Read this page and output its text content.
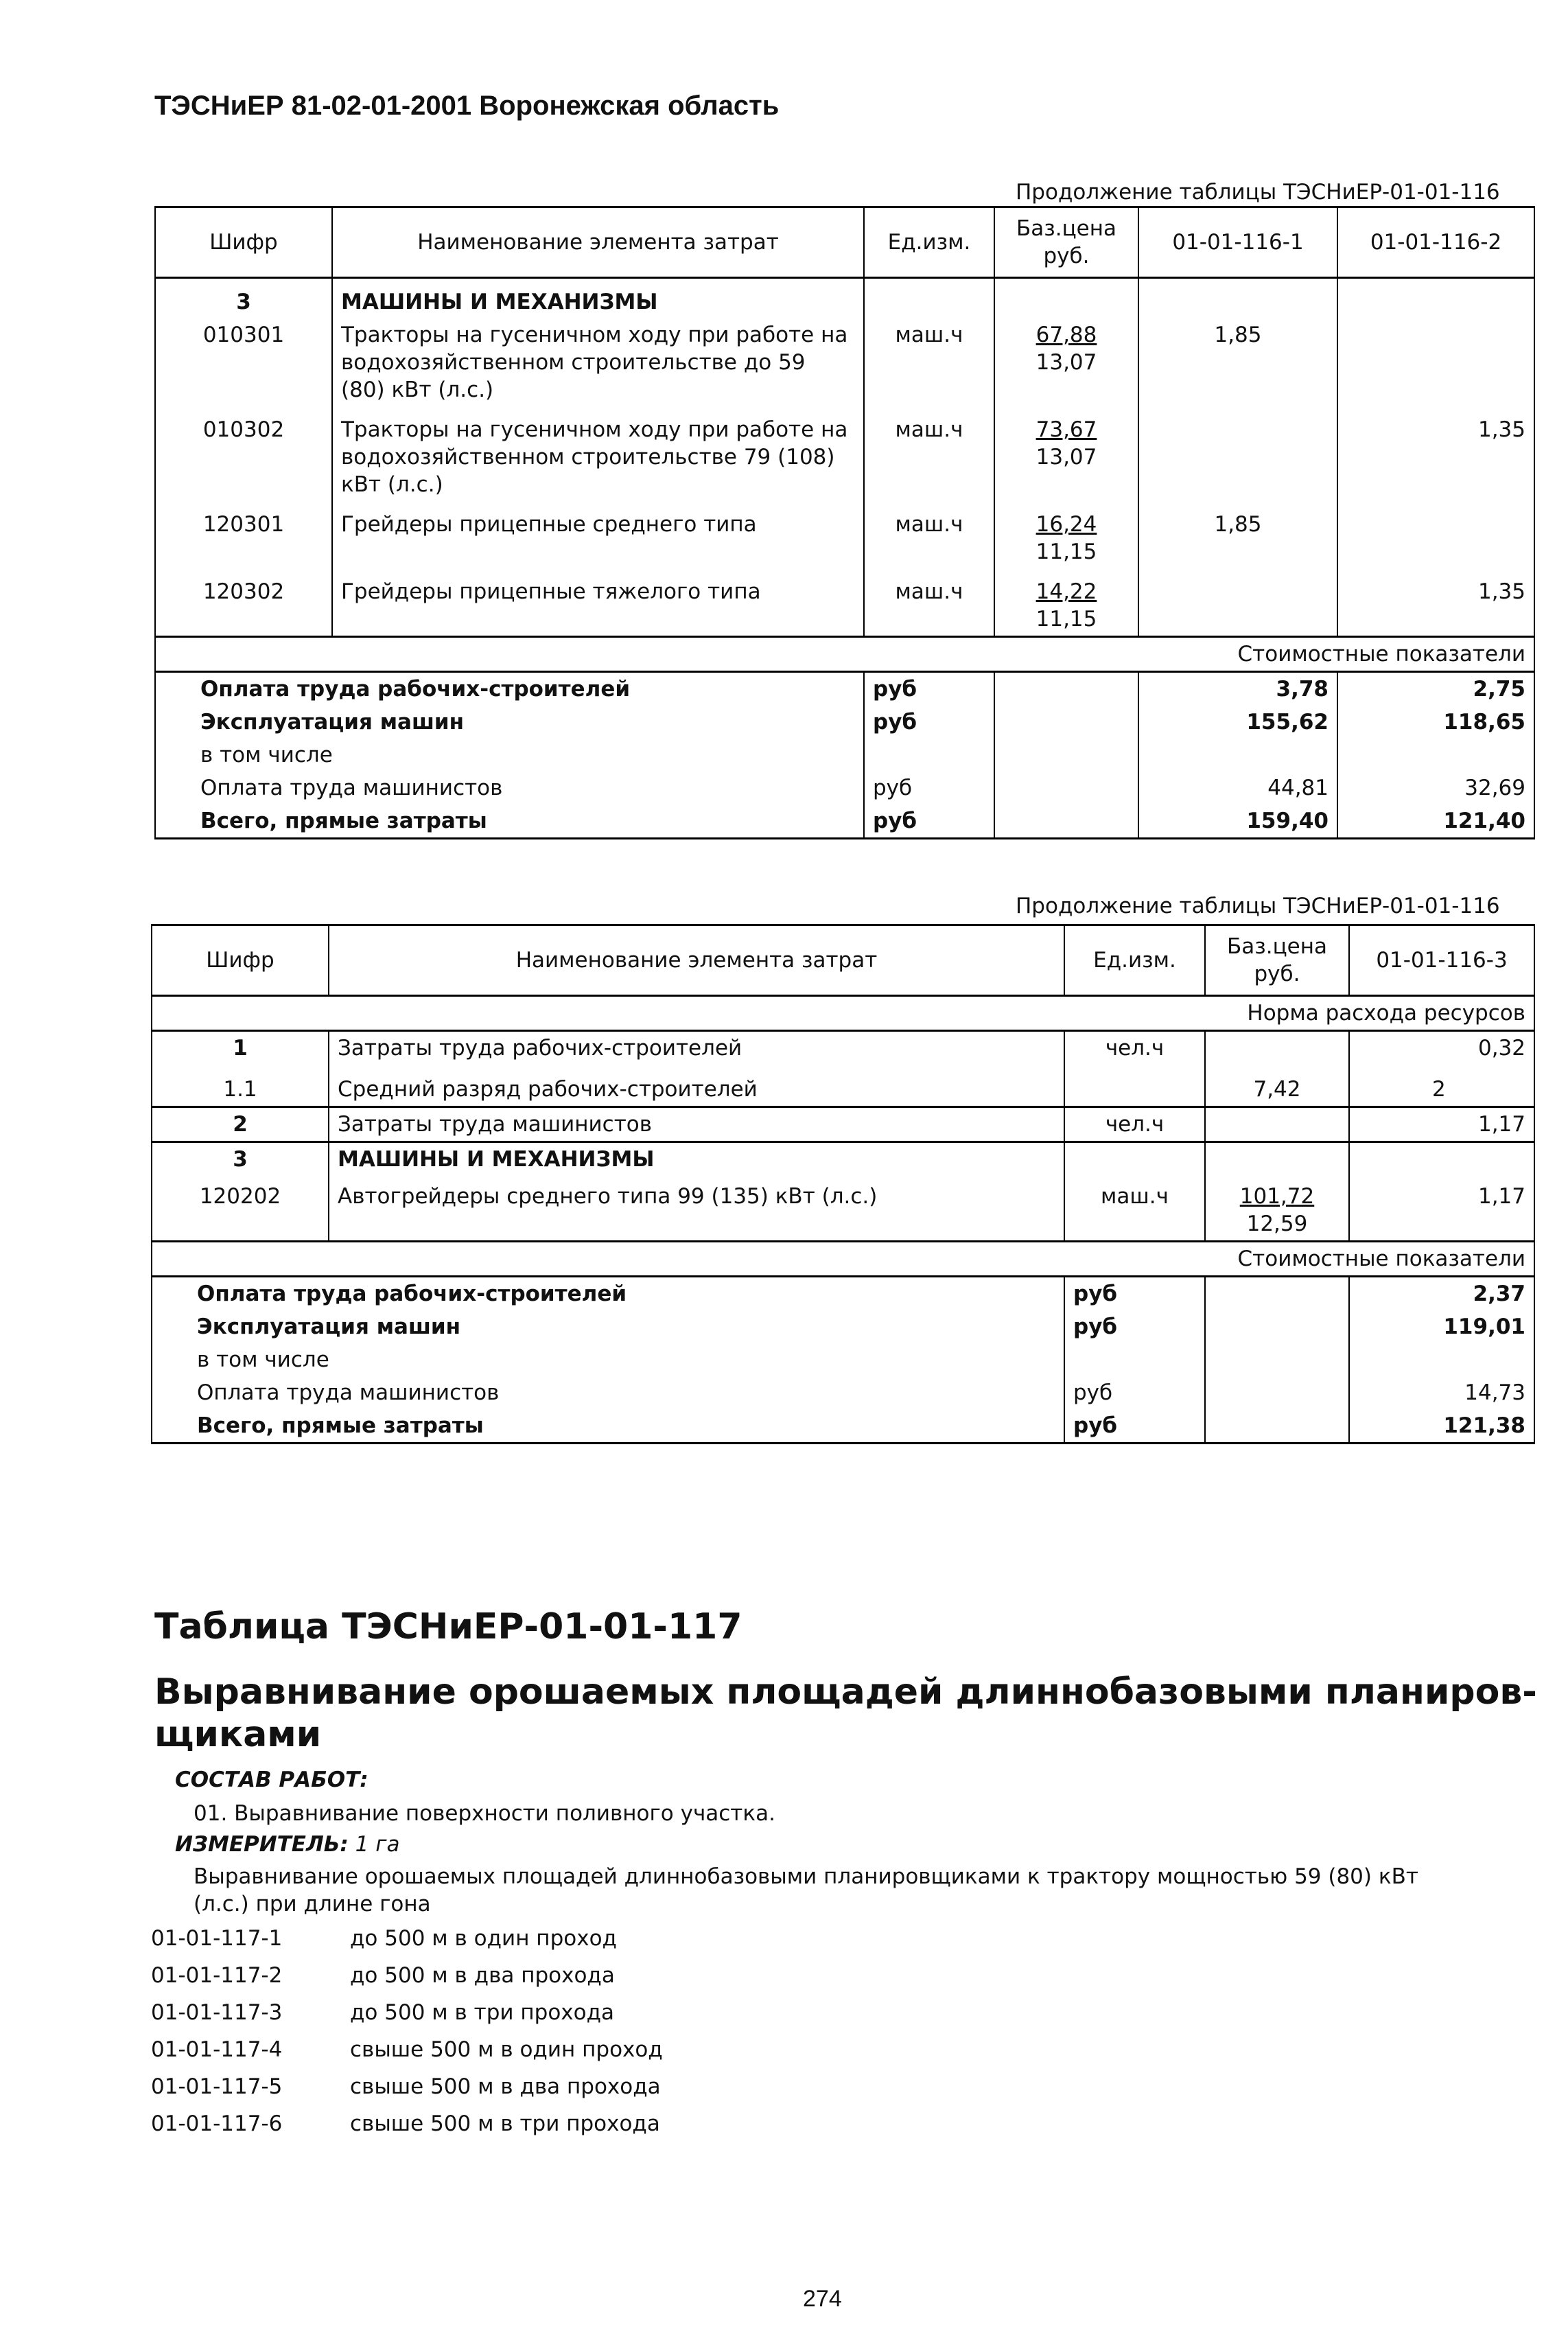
ТЭСНиЕР 81-02-01-2001 Воронежская область
Продолжение таблицы ТЭСНиЕР-01-01-116
Шифр	Наименование элемента затрат	Ед.изм.	Баз.цена руб.	01-01-116-1	01-01-116-2
3	МАШИНЫ И МЕХАНИЗМЫ				
010301	Тракторы на гусеничном ходу при работе на водохозяйственном строительстве до 59 (80) кВт (л.с.)	маш.ч	$\frac{67,88}{13,07}$	1,85	
010302	Тракторы на гусеничном ходу при работе на водохозяйственном строительстве 79 (108) кВт (л.с.)	маш.ч	$\frac{73,67}{13,07}$		1,35
120301	Грейдеры прицепные среднего типа	маш.ч	$\frac{16,24}{11,15}$	1,85	
120302	Грейдеры прицепные тяжелого типа	маш.ч	$\frac{14,22}{11,15}$		1,35
				Стоимостные показатели	
Оплата труда рабочих-строителей		руб		3,78	2,75
Эксплуатация машин		руб		155,62	118,65
в том числе					
Оплата труда машинистов		руб		44,81	32,69
Всего, прямые затраты		руб		159,40	121,40
Продолжение таблицы ТЭСНиЕР-01-01-116
Шифр	Наименование элемента затрат	Ед.изм.	Баз.цена руб.	01-01-116-3
			Норма расхода ресурсов	
1	Затраты труда рабочих-строителей	чел.ч		0,32
1.1	Средний разряд рабочих-строителей		7,42	2
2	Затраты труда машинистов	чел.ч		1,17
3	МАШИНЫ И МЕХАНИЗМЫ			
120202	Автогрейдеры среднего типа 99 (135) кВт (л.с.)	маш.ч	$\frac{101,72}{12,59}$	1,17
			Стоимостные показатели	
Оплата труда рабочих-строителей		руб		2,37
Эксплуатация машин		руб		119,01
в том числе				
Оплата труда машинистов		руб		14,73
Всего, прямые затраты		руб		121,38
Таблица ТЭСНиЕР-01-01-117
Выравнивание орошаемых площадей длиннобазовыми планиров-
щиками
СОСТАВ РАБОТ:
01. Выравнивание поверхности поливного участка.
ИЗМЕРИТЕЛЬ: 1 га
Выравнивание орошаемых площадей длиннобазовыми планировщиками к трактору мощностью 59 (80) кВт
(л.с.) при длине гона
01-01-117-1	до 500 м в один проход
01-01-117-2	до 500 м в два прохода
01-01-117-3	до 500 м в три прохода
01-01-117-4	свыше 500 м в один проход
01-01-117-5	свыше 500 м в два прохода
01-01-117-6	свыше 500 м в три прохода
274
